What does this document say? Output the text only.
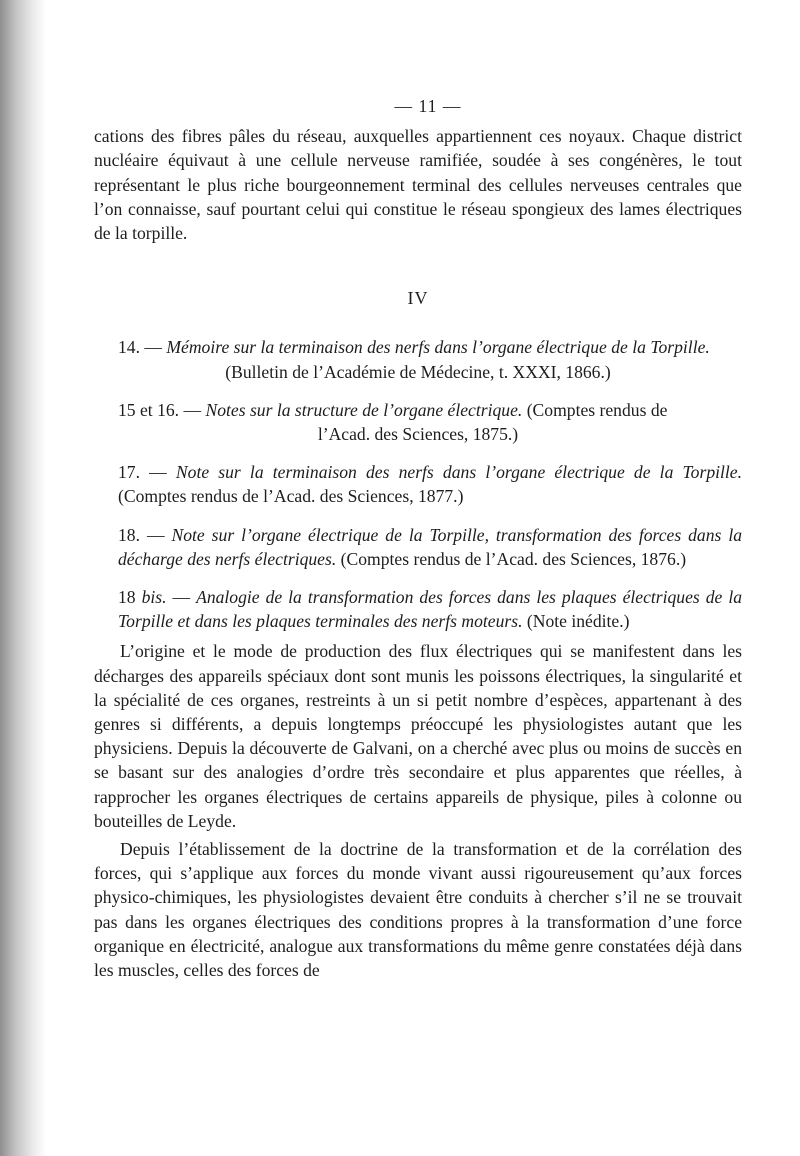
— 11 —

cations des fibres pâles du réseau, auxquelles appartiennent ces noyaux. Chaque district nucléaire équivaut à une cellule nerveuse ramifiée, soudée à ses congénères, le tout représentant le plus riche bourgeonnement terminal des cellules nerveuses centrales que l’on connaisse, sauf pourtant celui qui constitue le réseau spongieux des lames électriques de la torpille.

IV
14. — Mémoire sur la terminaison des nerfs dans l’organe électrique de la Torpille.
(Bulletin de l’Académie de Médecine, t. XXXI, 1866.)
15 et 16. — Notes sur la structure de l’organe électrique. (Comptes rendus de
l’Acad. des Sciences, 1875.)
17. — Note sur la terminaison des nerfs dans l’organe électrique de la Torpille. (Comptes rendus de l’Acad. des Sciences, 1877.)
18. — Note sur l’organe électrique de la Torpille, transformation des forces dans la décharge des nerfs électriques. (Comptes rendus de l’Acad. des Sciences, 1876.)
18 bis. — Analogie de la transformation des forces dans les plaques électriques de la Torpille et dans les plaques terminales des nerfs moteurs. (Note inédite.)

L’origine et le mode de production des flux électriques qui se manifestent dans les décharges des appareils spéciaux dont sont munis les poissons électriques, la singularité et la spécialité de ces organes, restreints à un si petit nombre d’espèces, appartenant à des genres si différents, a depuis longtemps préoccupé les physiologistes autant que les physiciens. Depuis la découverte de Galvani, on a cherché avec plus ou moins de succès en se basant sur des analogies d’ordre très secondaire et plus apparentes que réelles, à rapprocher les organes électriques de certains appareils de physique, piles à colonne ou bouteilles de Leyde.

Depuis l’établissement de la doctrine de la transformation et de la corrélation des forces, qui s’applique aux forces du monde vivant aussi rigoureusement qu’aux forces physico-chimiques, les physiologistes devaient être conduits à chercher s’il ne se trouvait pas dans les organes électriques des conditions propres à la transformation d’une force organique en électricité, analogue aux transformations du même genre constatées déjà dans les muscles, celles des forces de
